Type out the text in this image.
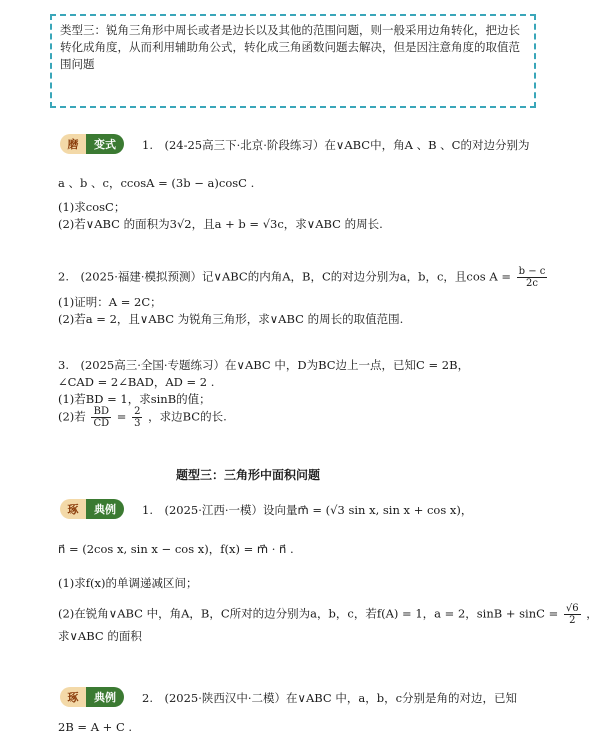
类型三：锐角三角形中周长或者是边长以及其他的范围问题，则一般采用边角转化，把边长转化成角度，从而利用辅助角公式，转化成三角函数问题去解决，但是因注意角度的取值范围问题
磨	变式	1.　(24-25高三下·北京·阶段练习）在∨ABC中，角A 、B 、C的对边分别为
a 、b 、c，ccosA = (3b − a)cosC .
(1)求cosC；
(2)若∨ABC 的面积为3√2，且a + b = √3c，求∨ABC 的周长.
2.　(2025·福建·模拟预测）记∨ABC的内角A，B，C的对边分别为a，b，c，且$\cos A = \frac{b - c}{2c}$
(1)证明：A = 2C；
(2)若a = 2，且∨ABC 为锐角三角形，求∨ABC 的周长的取值范围.
3.　(2025高三·全国·专题练习）在∨ABC 中，D为BC边上一点，已知C = 2B，
∠CAD = 2∠BAD，AD = 2 .
(1)若BD = 1，求sinB的值；
(2)若 $\frac{BD}{CD} = \frac{2}{3}$ ，求边BC的长.
题型三：三角形中面积问题
琢	典例	1.　(2025·江西·一模）设向量m⃗ = (√3 sin x, sin x + cos x)，
n⃗ = (2cos x, sin x − cos x)，f(x) = m⃗ · n⃗ .
(1)求f(x)的单调递减区间；
(2)在锐角∨ABC 中，角A，B，C所对的边分别为a，b，c，若f(A) = 1，a = 2，$\sin B + \sin C = \frac{√6}{2}$ ，
求∨ABC 的面积
琢	典例	2.　(2025·陕西汉中·二模）在∨ABC 中，a，b，c分别是角的对边，已知
2B = A + C .
